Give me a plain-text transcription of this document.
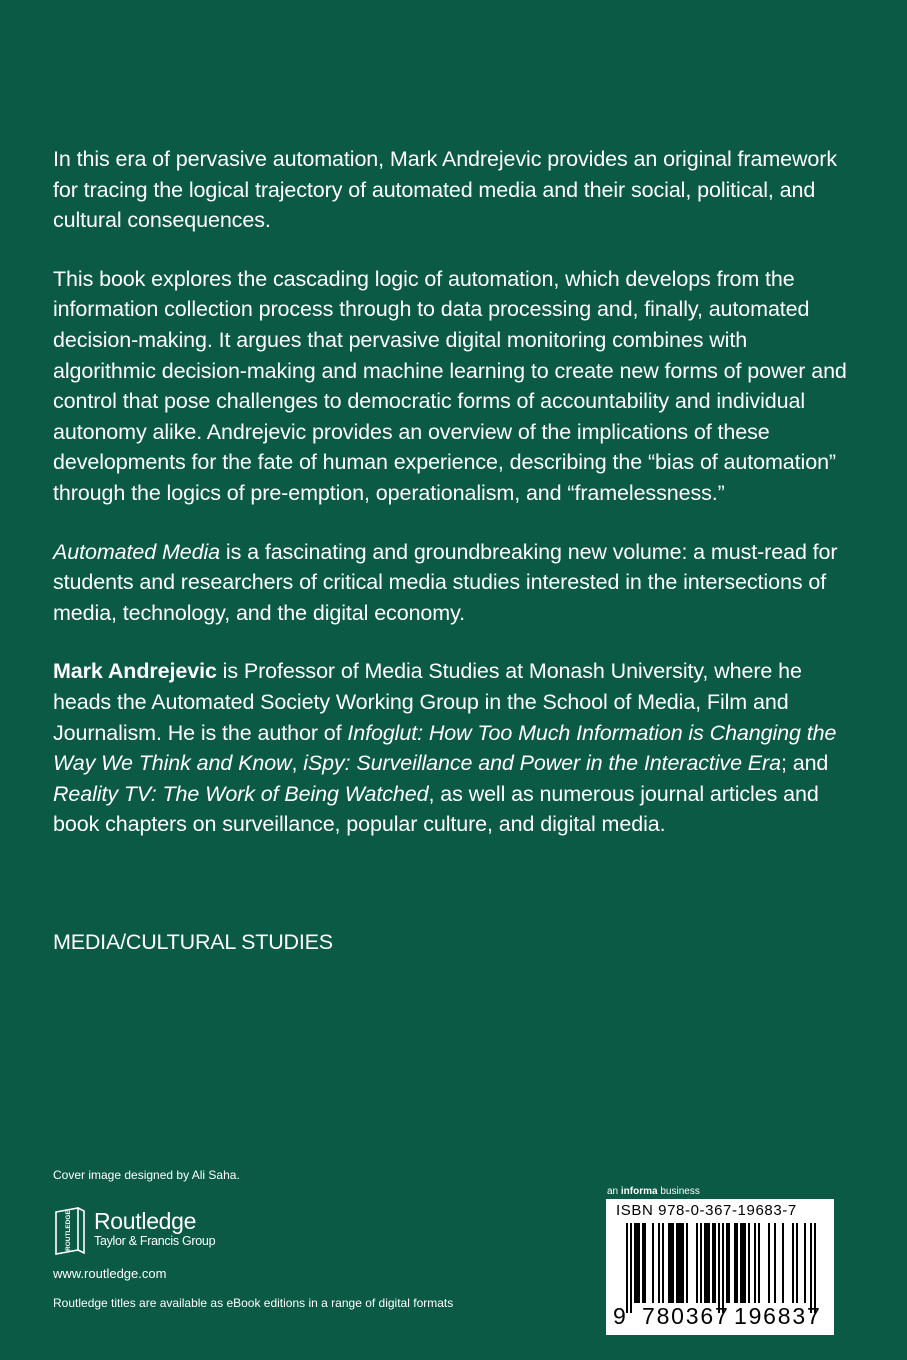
In this era of pervasive automation, Mark Andrejevic provides an original framework for tracing the logical trajectory of automated media and their social, political, and cultural consequences.

This book explores the cascading logic of automation, which develops from the information collection process through to data processing and, finally, automated decision-making. It argues that pervasive digital monitoring combines with algorithmic decision-making and machine learning to create new forms of power and control that pose challenges to democratic forms of accountability and individual autonomy alike. Andrejevic provides an overview of the implications of these developments for the fate of human experience, describing the “bias of automation” through the logics of pre-emption, operationalism, and “framelessness.”

Automated Media is a fascinating and groundbreaking new volume: a must-read for students and researchers of critical media studies interested in the intersections of media, technology, and the digital economy.

Mark Andrejevic is Professor of Media Studies at Monash University, where he heads the Automated Society Working Group in the School of Media, Film and Journalism. He is the author of Infoglut: How Too Much Information is Changing the Way We Think and Know, iSpy: Surveillance and Power in the Interactive Era; and Reality TV: The Work of Being Watched, as well as numerous journal articles and book chapters on surveillance, popular culture, and digital media.

MEDIA/CULTURAL STUDIES
Cover image designed by Ali Saha.
ROUTLEDGE Routledge
Taylor & Francis Group
www.routledge.com
Routledge titles are available as eBook editions in a range of digital formats
an informa business
ISBN 978-0-367-19683-7
9 780367 196837
